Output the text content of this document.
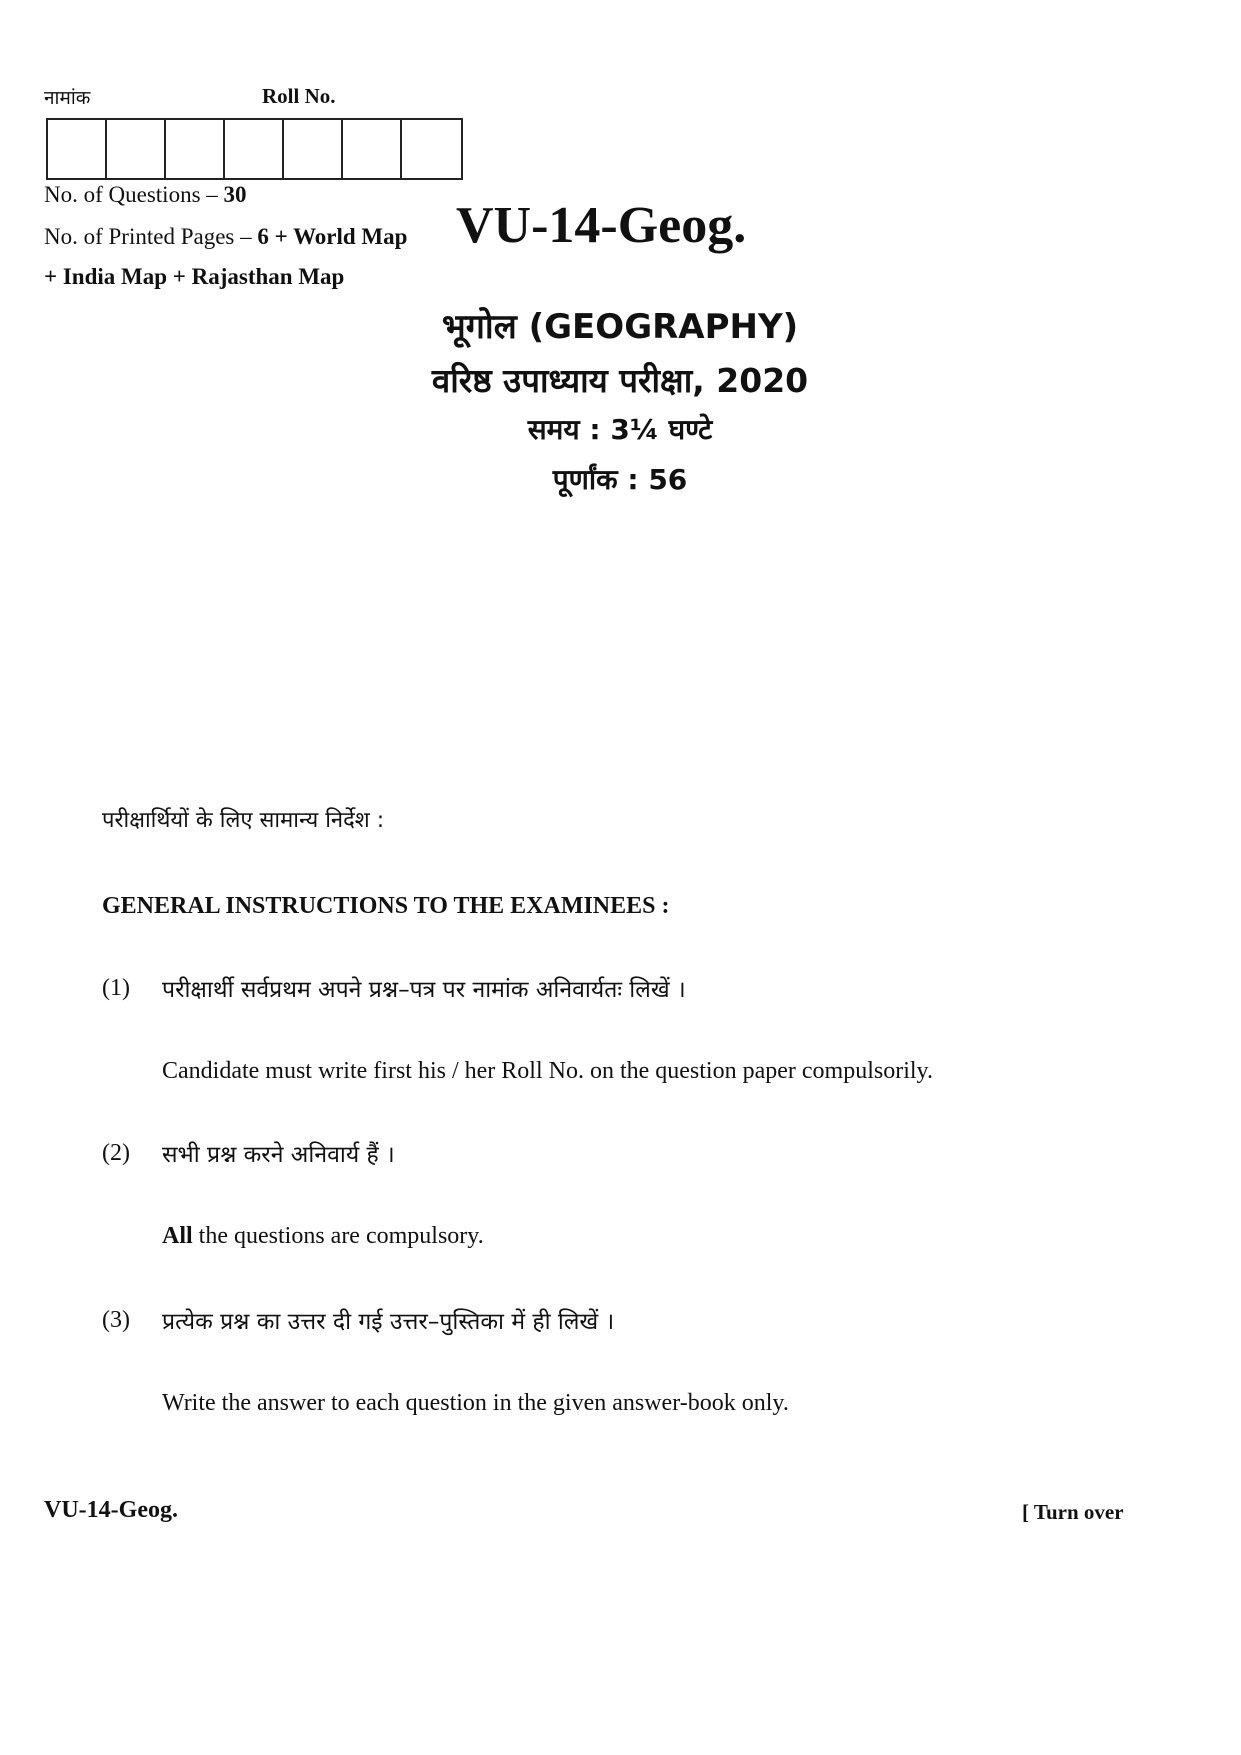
नामांक	Roll No.
No. of Questions – 30
No. of Printed Pages – 6 + World Map
+ India Map + Rajasthan Map
VU-14-Geog.
भूगोल (GEOGRAPHY)
वरिष्ठ उपाध्याय परीक्षा, 2020
समय : 3¼ घण्टे
पूर्णांक : 56
परीक्षार्थियों के लिए सामान्य निर्देश :
GENERAL INSTRUCTIONS TO THE EXAMINEES :
(1) परीक्षार्थी सर्वप्रथम अपने प्रश्न–पत्र पर नामांक अनिवार्यतः लिखें ।
Candidate must write first his / her Roll No. on the question paper compulsorily.
(2) सभी प्रश्न करने अनिवार्य हैं ।
All the questions are compulsory.
(3) प्रत्येक प्रश्न का उत्तर दी गई उत्तर–पुस्तिका में ही लिखें ।
Write the answer to each question in the given answer-book only.
VU-14-Geog.	[ Turn over
